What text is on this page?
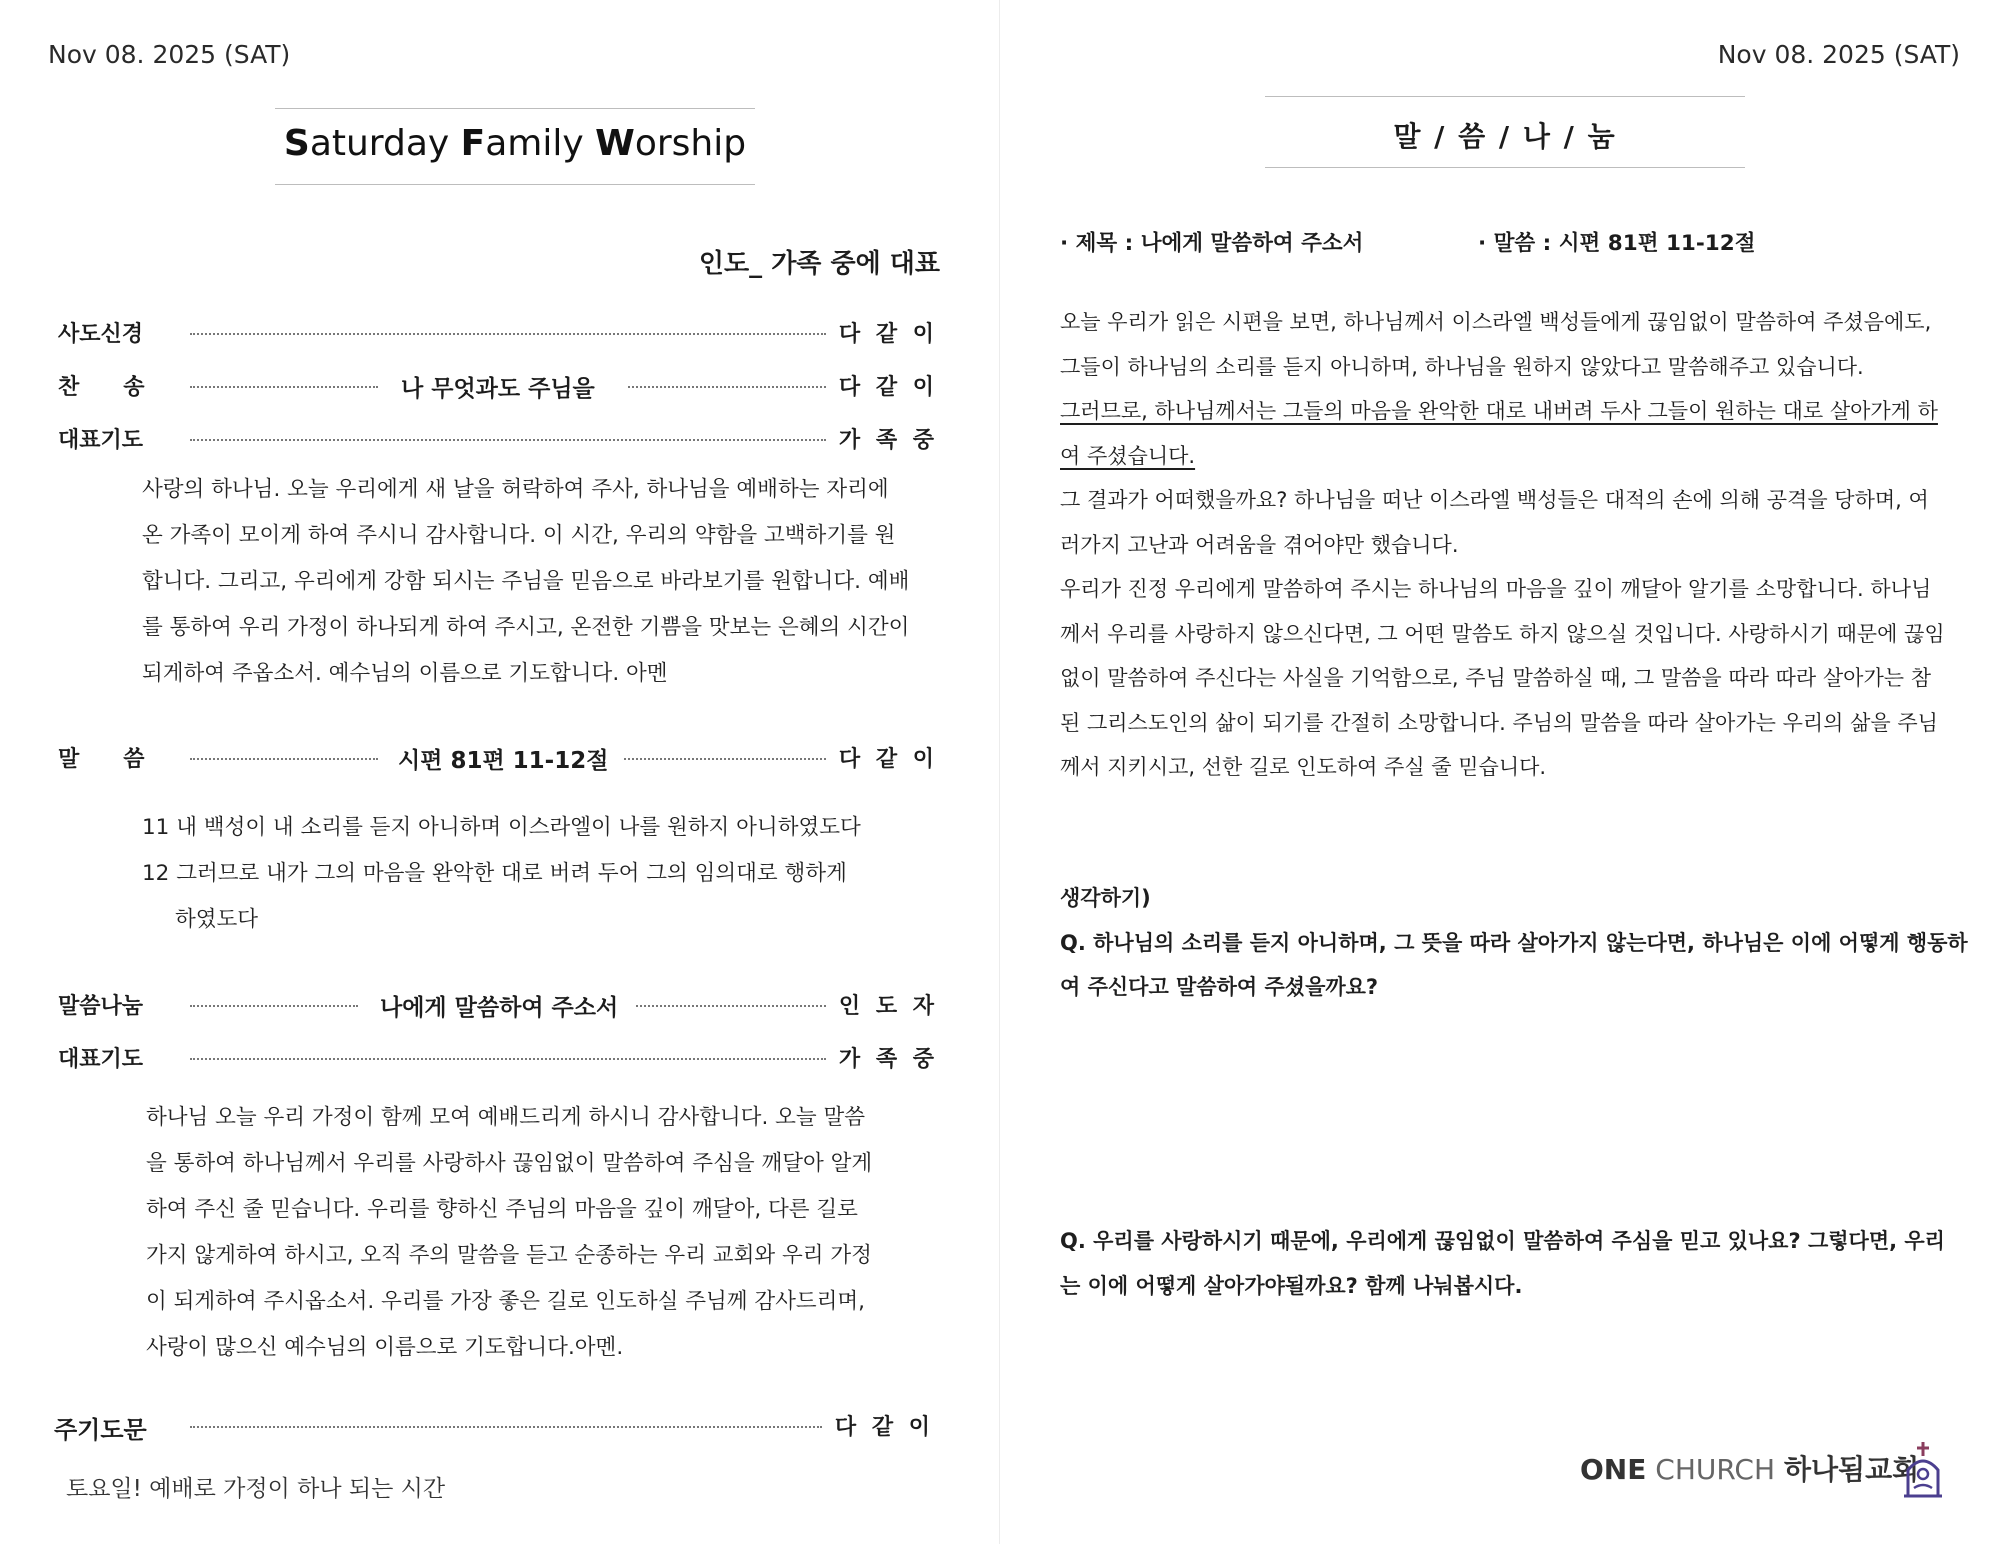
Nov 08. 2025 (SAT)
Saturday Family Worship
인도_ 가족 중에 대표
사도신경	다 같 이
찬　　송	나 무엇과도 주님을	다 같 이
대표기도	가 족 중

사랑의 하나님. 오늘 우리에게 새 날을 허락하여 주사, 하나님을 예배하는 자리에

온 가족이 모이게 하여 주시니 감사합니다. 이 시간, 우리의 약함을 고백하기를 원

합니다. 그리고, 우리에게 강함 되시는 주님을 믿음으로 바라보기를 원합니다. 예배

를 통하여 우리 가정이 하나되게 하여 주시고, 온전한 기쁨을 맛보는 은혜의 시간이

되게하여 주옵소서. 예수님의 이름으로 기도합니다. 아멘

말　　씀	시편 81편 11-12절	다 같 이

11 내 백성이 내 소리를 듣지 아니하며 이스라엘이 나를 원하지 아니하였도다

12 그러므로 내가 그의 마음을 완악한 대로 버려 두어 그의 임의대로 행하게

하였도다

말씀나눔	나에게 말씀하여 주소서	인 도 자
대표기도	가 족 중

하나님 오늘 우리 가정이 함께 모여 예배드리게 하시니 감사합니다. 오늘 말씀

을 통하여 하나님께서 우리를 사랑하사 끊임없이 말씀하여 주심을 깨달아 알게

하여 주신 줄 믿습니다. 우리를 향하신 주님의 마음을 깊이 깨달아, 다른 길로

가지 않게하여 하시고, 오직 주의 말씀을 듣고 순종하는 우리 교회와 우리 가정

이 되게하여 주시옵소서. 우리를 가장 좋은 길로 인도하실 주님께 감사드리며,

사랑이 많으신 예수님의 이름으로 기도합니다.아멘.

주기도문	다 같 이
토요일! 예배로 가정이 하나 되는 시간
Nov 08. 2025 (SAT)
말 / 씀 / 나 / 눔
· 제목 : 나에게 말씀하여 주소서	· 말씀 : 시편 81편 11-12절

오늘 우리가 읽은 시편을 보면, 하나님께서 이스라엘 백성들에게 끊임없이 말씀하여 주셨음에도,

그들이 하나님의 소리를 듣지 아니하며, 하나님을 원하지 않았다고 말씀해주고 있습니다.

그러므로, 하나님께서는 그들의 마음을 완악한 대로 내버려 두사 그들이 원하는 대로 살아가게 하

여 주셨습니다.

그 결과가 어떠했을까요? 하나님을 떠난 이스라엘 백성들은 대적의 손에 의해 공격을 당하며, 여

러가지 고난과 어려움을 겪어야만 했습니다.

우리가 진정 우리에게 말씀하여 주시는 하나님의 마음을 깊이 깨달아 알기를 소망합니다. 하나님

께서 우리를 사랑하지 않으신다면, 그 어떤 말씀도 하지 않으실 것입니다. 사랑하시기 때문에 끊임

없이 말씀하여 주신다는 사실을 기억함으로, 주님 말씀하실 때, 그 말씀을 따라 따라 살아가는 참

된 그리스도인의 삶이 되기를 간절히 소망합니다. 주님의 말씀을 따라 살아가는 우리의 삶을 주님

께서 지키시고, 선한 길로 인도하여 주실 줄 믿습니다.

생각하기)

Q. 하나님의 소리를 듣지 아니하며, 그 뜻을 따라 살아가지 않는다면, 하나님은 이에 어떻게 행동하

여 주신다고 말씀하여 주셨을까요?

Q. 우리를 사랑하시기 때문에, 우리에게 끊임없이 말씀하여 주심을 믿고 있나요? 그렇다면, 우리

는 이에 어떻게 살아가야될까요? 함께 나눠봅시다.

ONE CHURCH 하나됨교회
